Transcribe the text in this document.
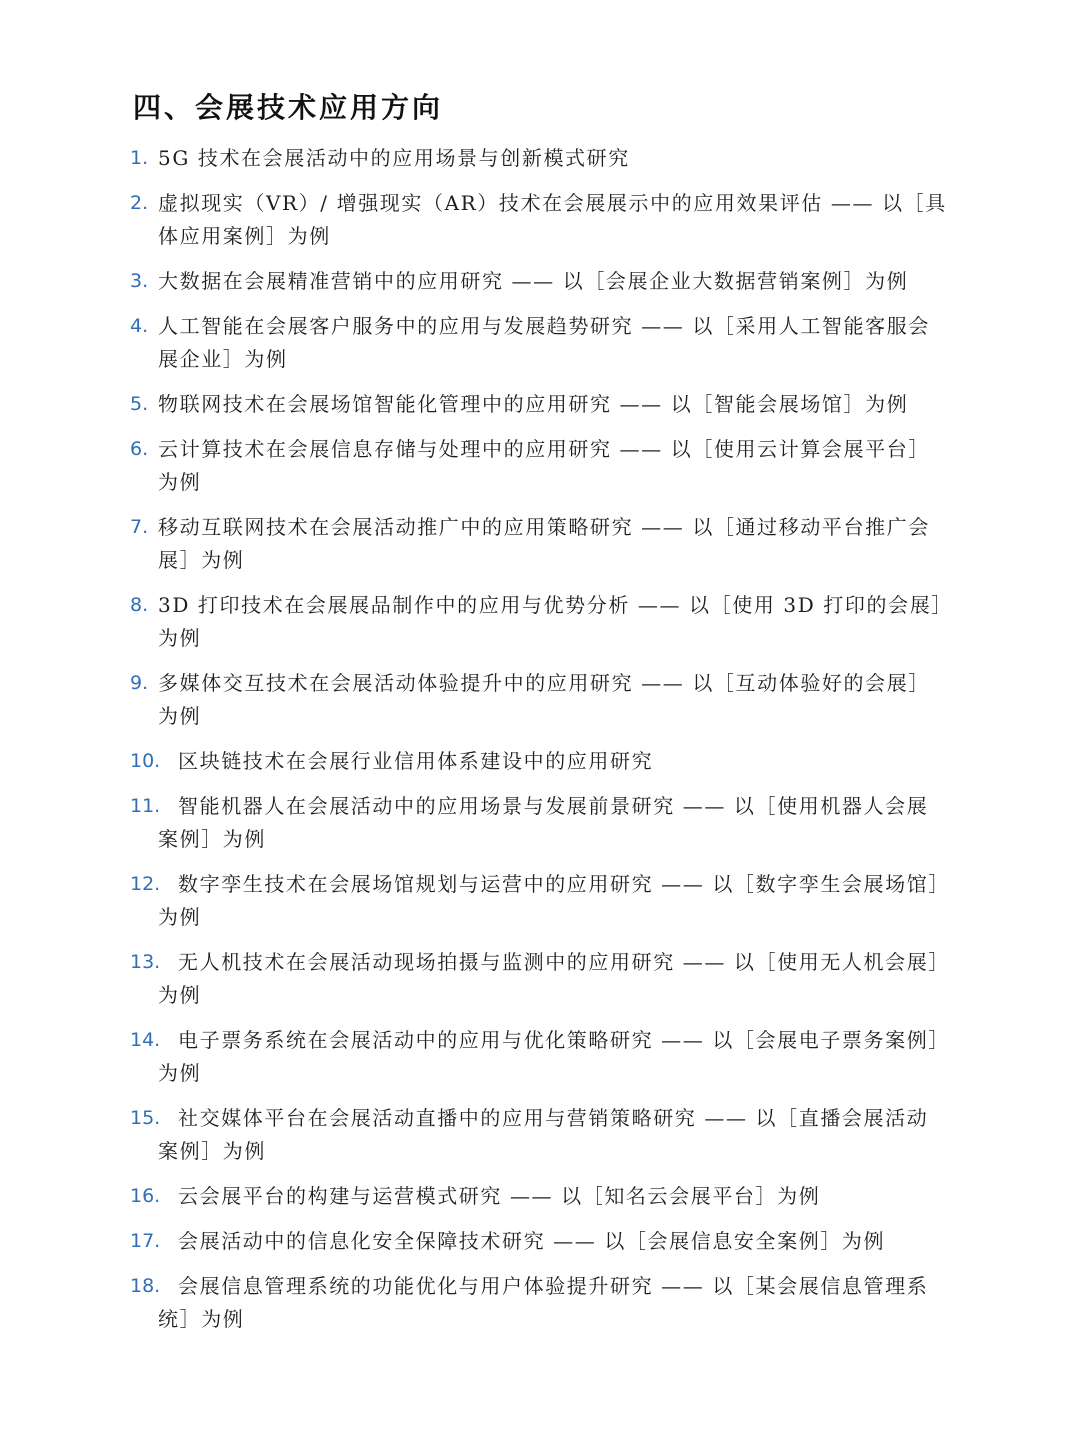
四、会展技术应用方向
1. 5G 技术在会展活动中的应用场景与创新模式研究
2. 虚拟现实（VR）/ 增强现实（AR）技术在会展展示中的应用效果评估 —— 以［具
体应用案例］为例
3. 大数据在会展精准营销中的应用研究 —— 以［会展企业大数据营销案例］为例
4. 人工智能在会展客户服务中的应用与发展趋势研究 —— 以［采用人工智能客服会
展企业］为例
5. 物联网技术在会展场馆智能化管理中的应用研究 —— 以［智能会展场馆］为例
6. 云计算技术在会展信息存储与处理中的应用研究 —— 以［使用云计算会展平台］
为例
7. 移动互联网技术在会展活动推广中的应用策略研究 —— 以［通过移动平台推广会
展］为例
8. 3D 打印技术在会展展品制作中的应用与优势分析 —— 以［使用 3D 打印的会展］
为例
9. 多媒体交互技术在会展活动体验提升中的应用研究 —— 以［互动体验好的会展］
为例
10. 区块链技术在会展行业信用体系建设中的应用研究
11. 智能机器人在会展活动中的应用场景与发展前景研究 —— 以［使用机器人会展
案例］为例
12. 数字孪生技术在会展场馆规划与运营中的应用研究 —— 以［数字孪生会展场馆］
为例
13. 无人机技术在会展活动现场拍摄与监测中的应用研究 —— 以［使用无人机会展］
为例
14. 电子票务系统在会展活动中的应用与优化策略研究 —— 以［会展电子票务案例］
为例
15. 社交媒体平台在会展活动直播中的应用与营销策略研究 —— 以［直播会展活动
案例］为例
16. 云会展平台的构建与运营模式研究 —— 以［知名云会展平台］为例
17. 会展活动中的信息化安全保障技术研究 —— 以［会展信息安全案例］为例
18. 会展信息管理系统的功能优化与用户体验提升研究 —— 以［某会展信息管理系
统］为例
